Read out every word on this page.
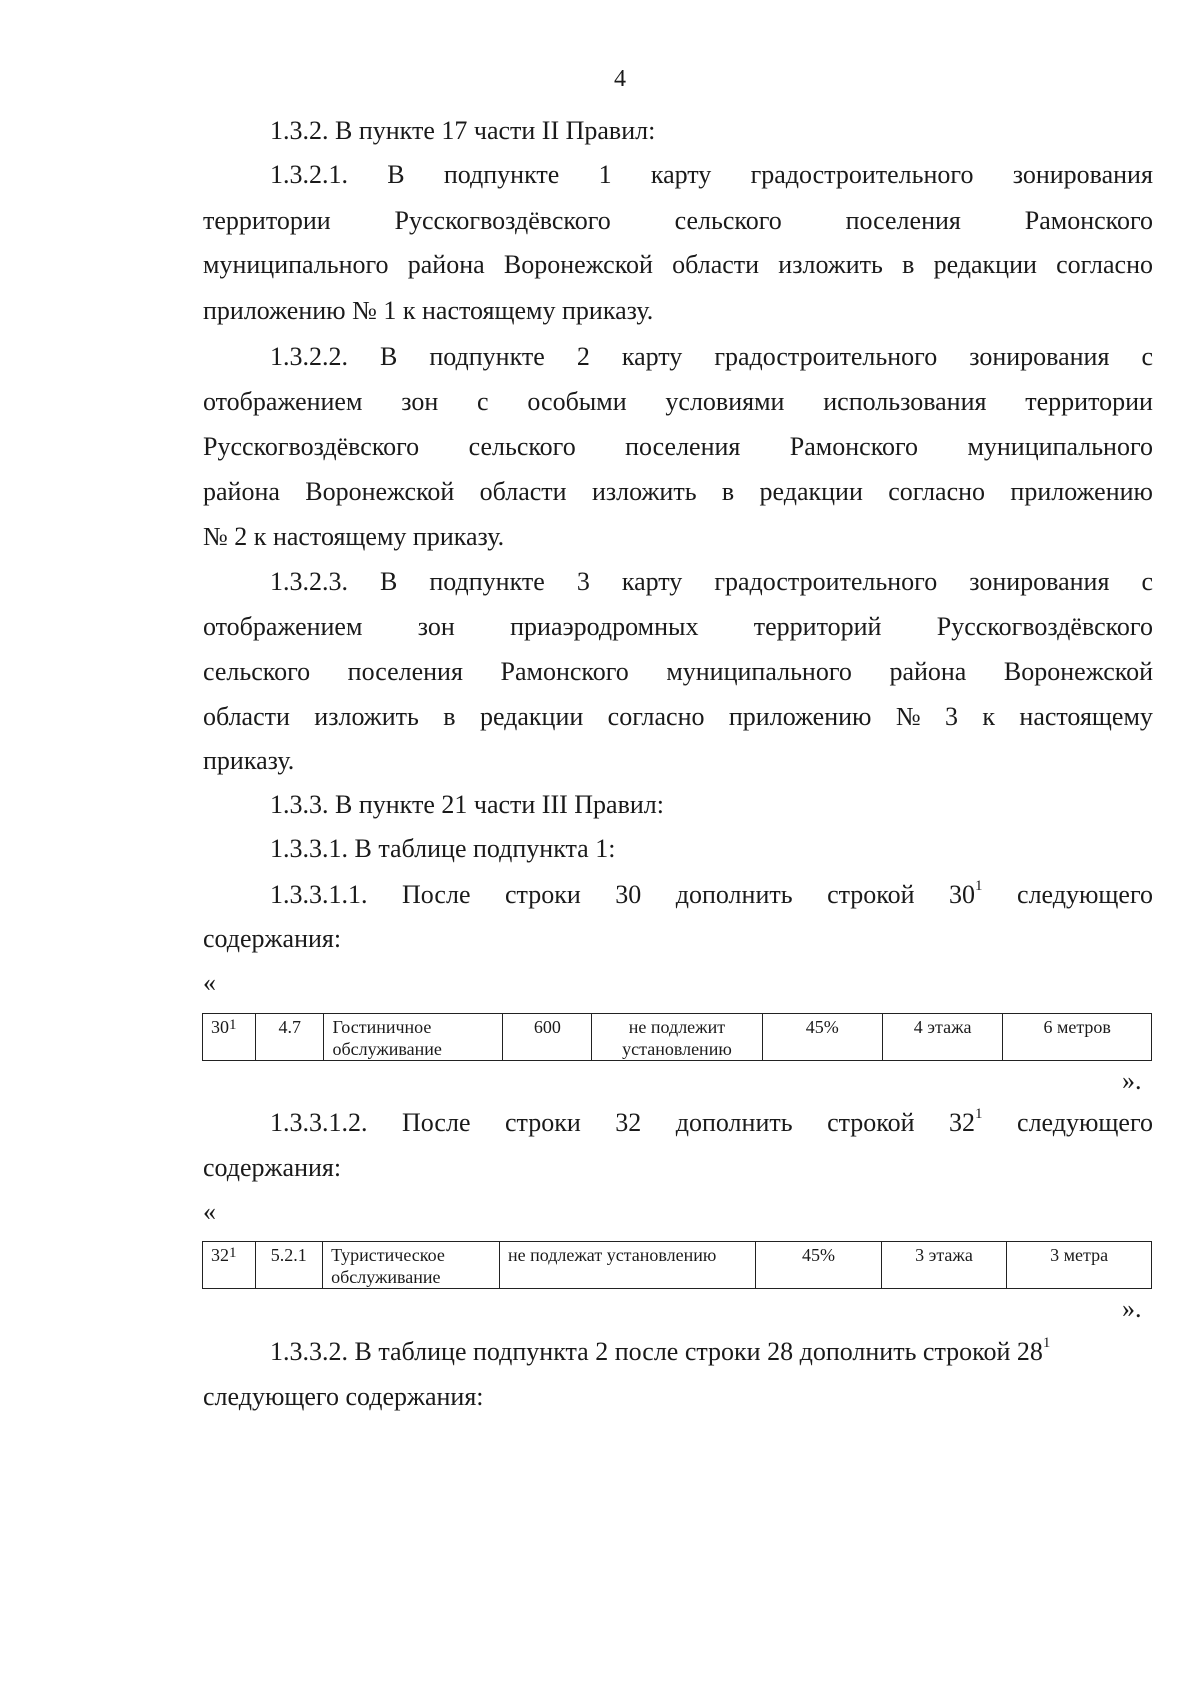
4
1.3.2. В пункте 17 части II Правил:
1.3.2.1. В подпункте 1 карту градостроительного зонирования
территории Русскогвоздёвского сельского поселения Рамонского
муниципального района Воронежской области изложить в редакции согласно
приложению № 1 к настоящему приказу.
1.3.2.2. В подпункте 2 карту градостроительного зонирования с
отображением зон с особыми условиями использования территории
Русскогвоздёвского сельского поселения Рамонского муниципального
района Воронежской области изложить в редакции согласно приложению
№ 2 к настоящему приказу.
1.3.2.3. В подпункте 3 карту градостроительного зонирования с
отображением зон приаэродромных территорий Русскогвоздёвского
сельского поселения Рамонского муниципального района Воронежской
области изложить в редакции согласно приложению № 3 к настоящему
приказу.
1.3.3. В пункте 21 части III Правил:
1.3.3.1. В таблице подпункта 1:
1.3.3.1.1. После строки 30 дополнить строкой $30^1$ следующего
содержания:
«
$30^1$	4.7	Гостиничное обслуживание	600	не подлежит установлению	45%	4 этажа	6 метров
».
1.3.3.1.2. После строки 32 дополнить строкой $32^1$ следующего
содержания:
«
$32^1$	5.2.1	Туристическое обслуживание	не подлежат установлению	45%	3 этажа	3 метра
».
1.3.3.2. В таблице подпункта 2 после строки 28 дополнить строкой $28^1$
следующего содержания:
